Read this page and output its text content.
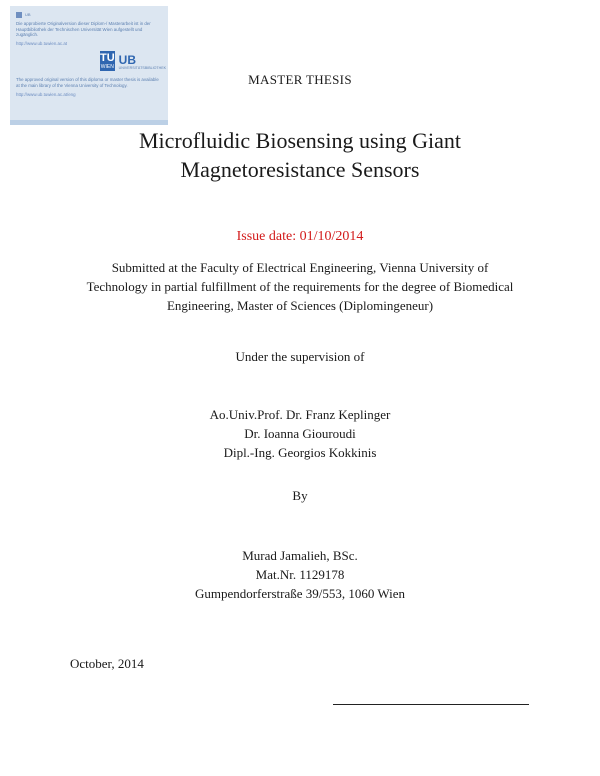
UB

Die approbierte Originalversion dieser Diplom-/ Masterarbeit ist in der Hauptbibliothek der Technischen Universität Wien aufgestellt und zugänglich.

http://www.ub.tuwien.ac.at

TU
WIEN
UB
UNIVERSITÄTSBIBLIOTHEK

The approved original version of this diploma or master thesis is available at the main library of the Vienna University of Technology.

http://www.ub.tuwien.ac.at/eng

MASTER THESIS
Microfluidic Biosensing using Giant
Magnetoresistance Sensors
Issue date: 01/10/2014
Submitted at the Faculty of Electrical Engineering, Vienna University of
Technology in partial fulfillment of the requirements for the degree of Biomedical
Engineering, Master of Sciences (Diplomingeneur)
Under the supervision of
Ao.Univ.Prof. Dr. Franz Keplinger
Dr. Ioanna Giouroudi
Dipl.-Ing. Georgios Kokkinis
By
Murad Jamalieh, BSc.
Mat.Nr. 1129178
Gumpendorferstraße 39/553, 1060 Wien
October, 2014
